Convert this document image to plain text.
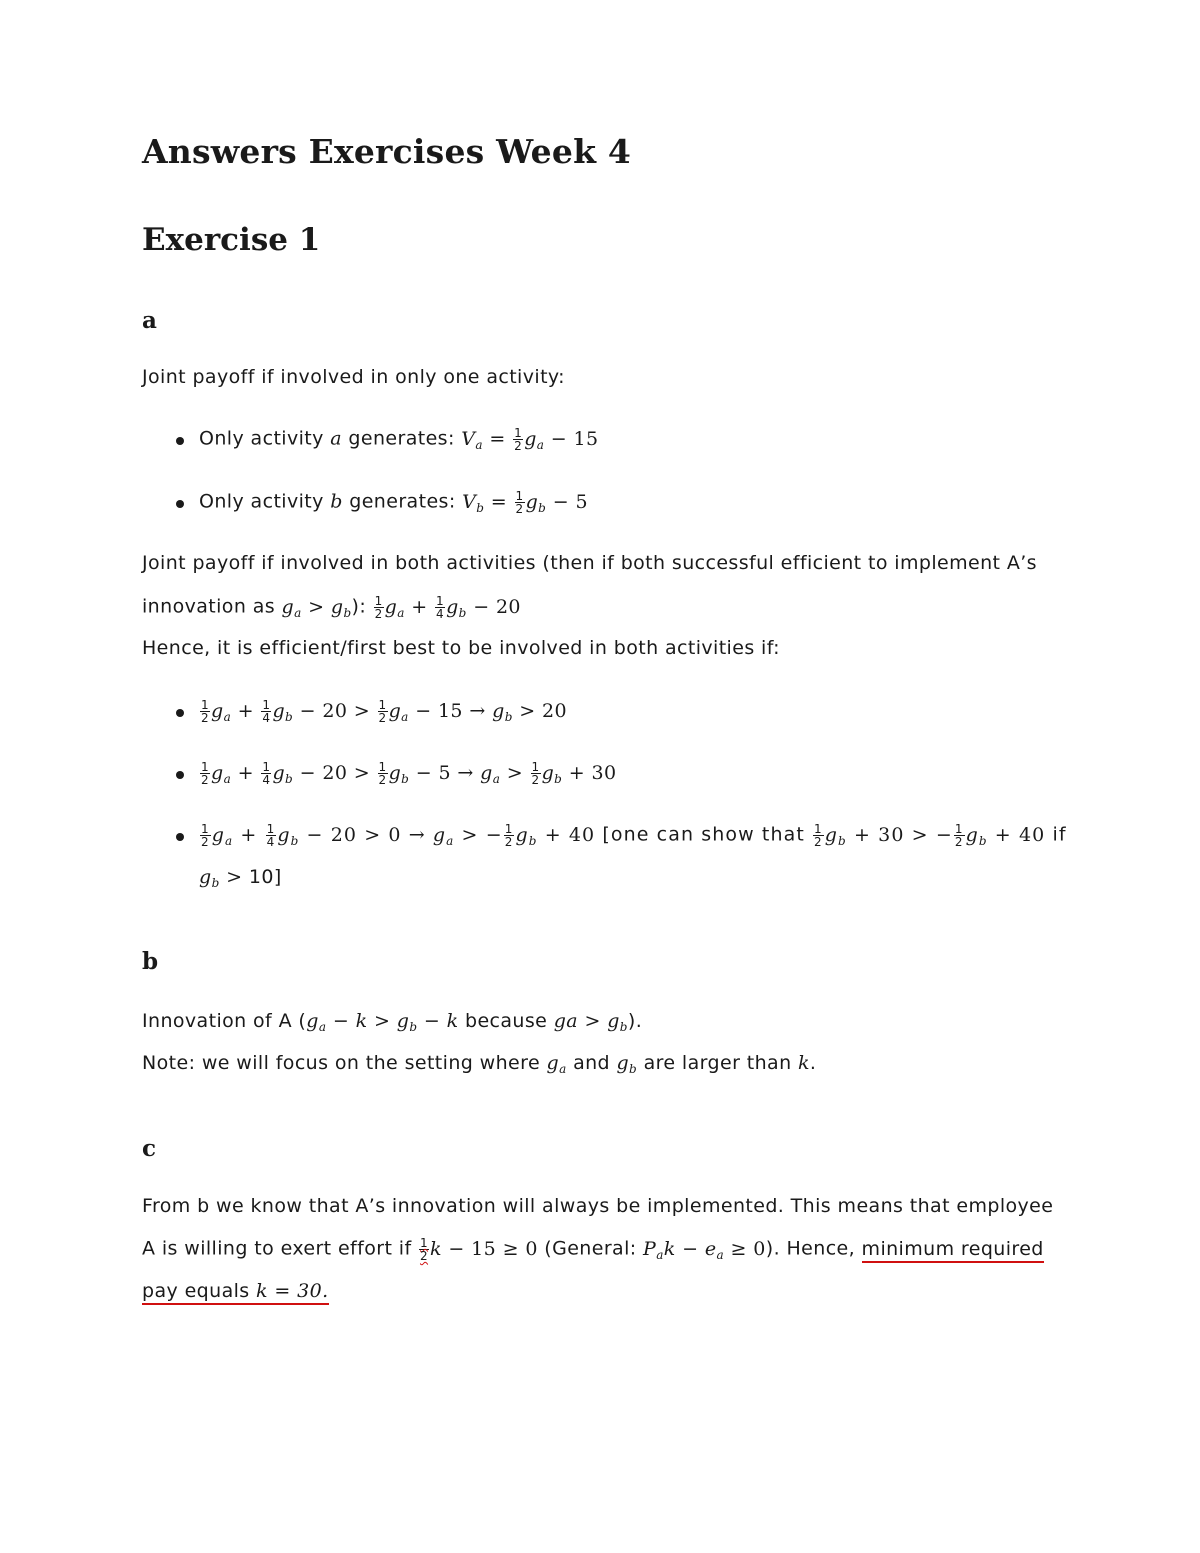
Answers Exercises Week 4
Exercise 1
a
Joint payoff if involved in only one activity:
Only activity a generates: $V_a = \frac{1}{2} g_a - 15$
Only activity b generates: $V_b = \frac{1}{2} g_b - 5$
Joint payoff if involved in both activities (then if both successful efficient to implement A’s
innovation as $g_a > g_b$): $\frac{1}{2} g_a + \frac{1}{4} g_b - 20$
Hence, it is efficient/first best to be involved in both activities if:
$\frac{1}{2} g_a + \frac{1}{4} g_b - 20 > \frac{1}{2} g_a - 15 \to g_b > 20$
$\frac{1}{2} g_a + \frac{1}{4} g_b - 20 > \frac{1}{2} g_b - 5 \to g_a > \frac{1}{2} g_b + 30$
$\frac{1}{2} g_a + \frac{1}{4} g_b - 20 > 0 \to g_a$ > − $\frac{1}{2} g_b + 40$ [one can show that $\frac{1}{2} g_b + 30$ > − $\frac{1}{2} g_b + 40$ if
$g_b > 10$]
b
Innovation of A ($g_a - k > g_b - k$ because ga > $g_b$).
Note: we will focus on the setting where $g_a$ and $g_b$ are larger than k.
c
From b we know that A’s innovation will always be implemented. This means that employee
A is willing to exert effort if $\frac{1}{2}$ k − 15 ≥ 0 (General: $P_ak - e_a \ge 0$). Hence, minimum required
pay equals k = 30.
